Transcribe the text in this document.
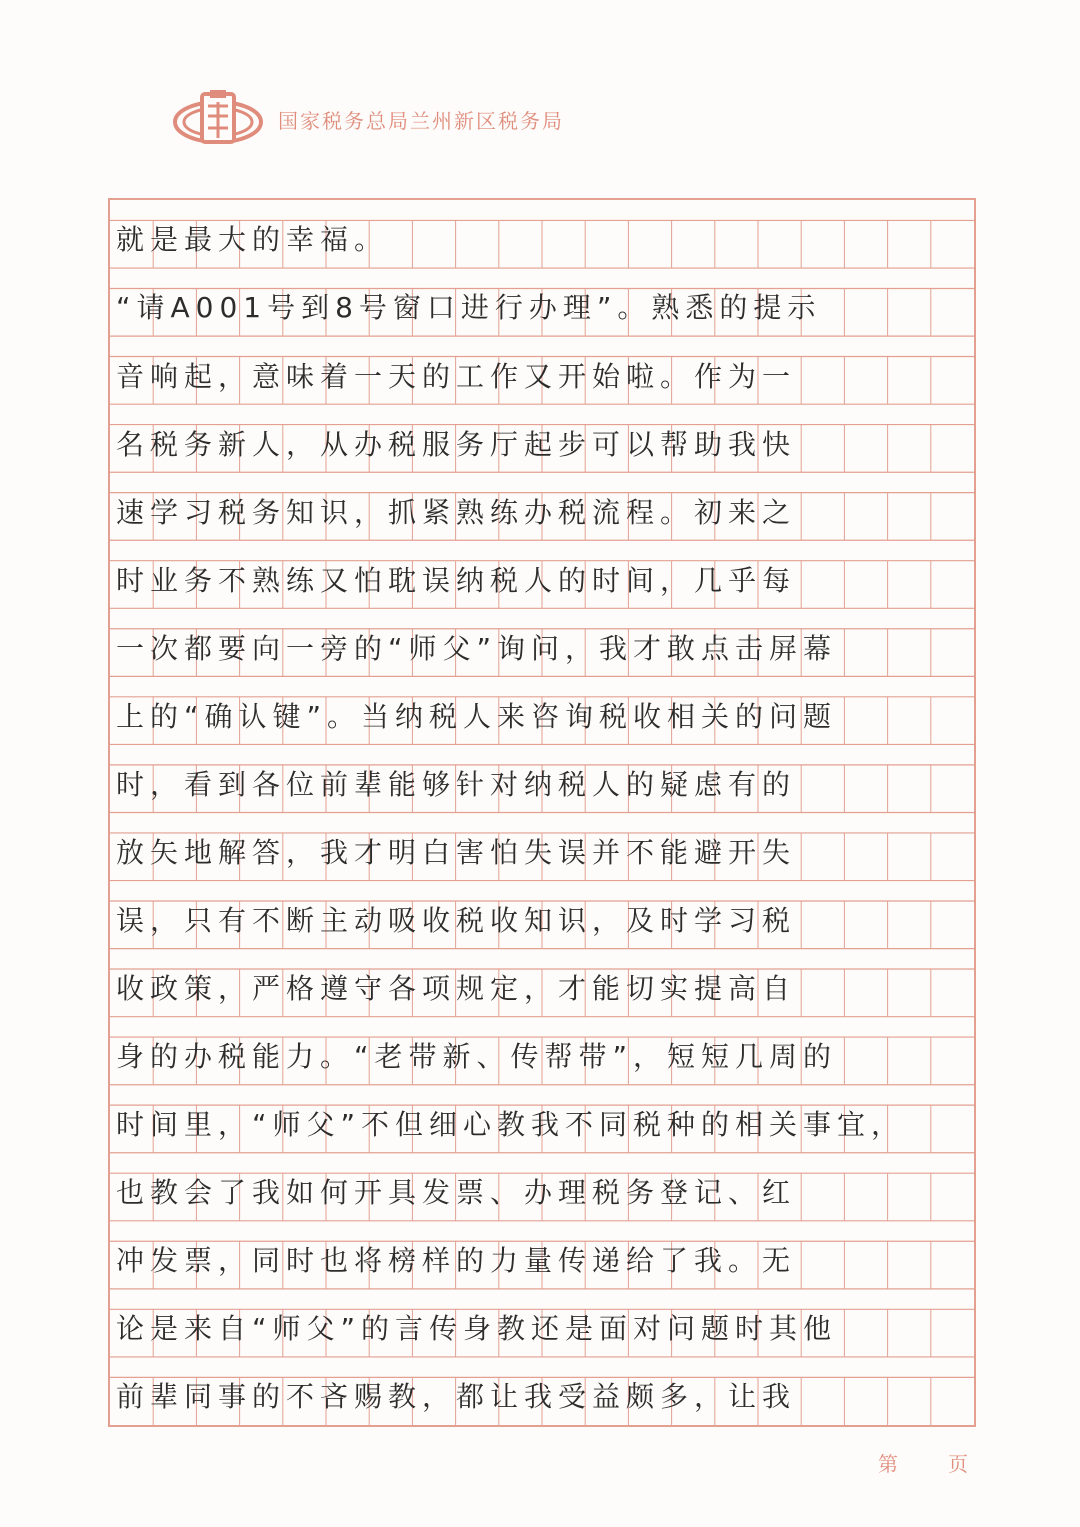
国家税务总局兰州新区税务局
就是最大的幸福。
“请A001号到8号窗口进行办理”。熟悉的提示
音响起，意味着一天的工作又开始啦。作为一
名税务新人，从办税服务厅起步可以帮助我快
速学习税务知识，抓紧熟练办税流程。初来之
时业务不熟练又怕耽误纳税人的时间，几乎每
一次都要向一旁的“师父”询问，我才敢点击屏幕
上的“确认键”。当纳税人来咨询税收相关的问题
时，看到各位前辈能够针对纳税人的疑虑有的
放矢地解答，我才明白害怕失误并不能避开失
误，只有不断主动吸收税收知识，及时学习税
收政策，严格遵守各项规定，才能切实提高自
身的办税能力。“老带新、传帮带”，短短几周的
时间里，“师父”不但细心教我不同税种的相关事宜，
也教会了我如何开具发票、办理税务登记、红
冲发票，同时也将榜样的力量传递给了我。无
论是来自“师父”的言传身教还是面对问题时其他
前辈同事的不吝赐教，都让我受益颇多，让我
第	页
